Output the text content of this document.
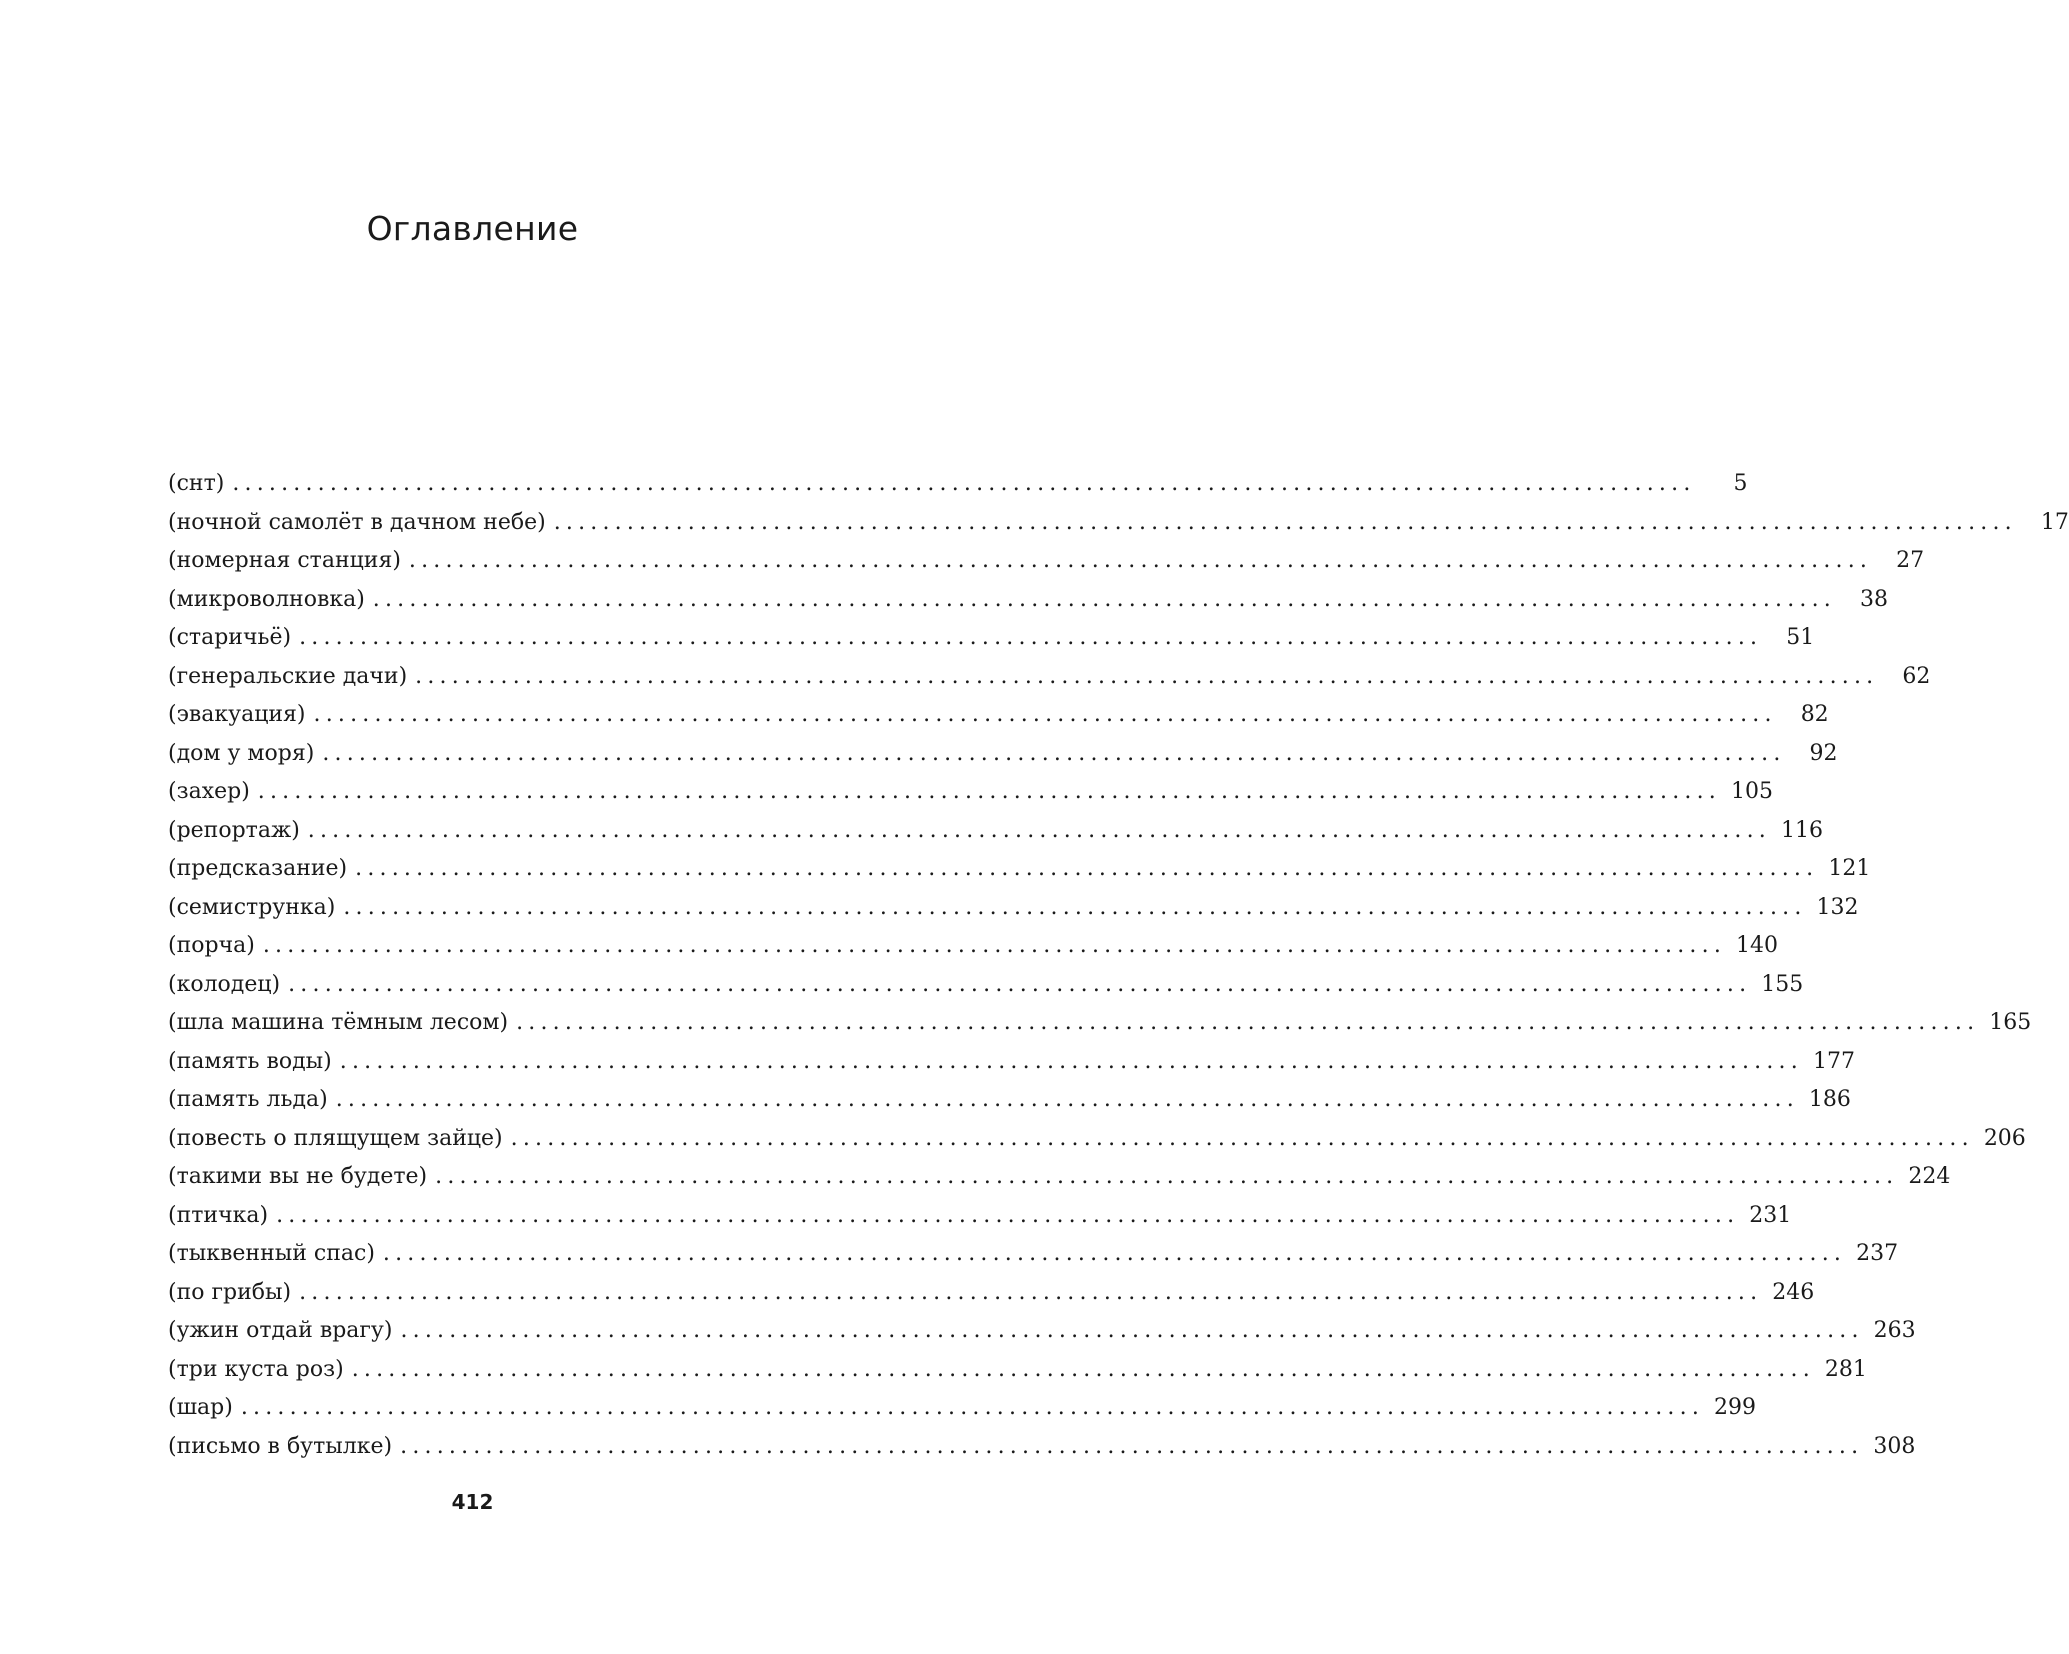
Оглавление
(снт) ........................................................................................................................	5
(ночной самолёт в дачном небе) ........................................................................................................................	17
(номерная станция) ........................................................................................................................	27
(микроволновка) ........................................................................................................................	38
(старичьё) ........................................................................................................................	51
(генеральские дачи) ........................................................................................................................	62
(эвакуация) ........................................................................................................................	82
(дом у моря) ........................................................................................................................	92
(захер) ........................................................................................................................ 105
(репортаж) ........................................................................................................................ 116
(предсказание) ........................................................................................................................ 121
(семиструнка) ........................................................................................................................ 132
(порча) ........................................................................................................................ 140
(колодец) ........................................................................................................................ 155
(шла машина тёмным лесом) ........................................................................................................................ 165
(память воды) ........................................................................................................................ 177
(память льда) ........................................................................................................................ 186
(повесть о плящущем зайце) ........................................................................................................................ 206
(такими вы не будете) ........................................................................................................................ 224
(птичка) ........................................................................................................................ 231
(тыквенный спас) ........................................................................................................................ 237
(по грибы) ........................................................................................................................ 246
(ужин отдай врагу) ........................................................................................................................ 263
(три куста роз) ........................................................................................................................ 281
(шар) ........................................................................................................................ 299
(письмо в бутылке) ........................................................................................................................ 308
412
